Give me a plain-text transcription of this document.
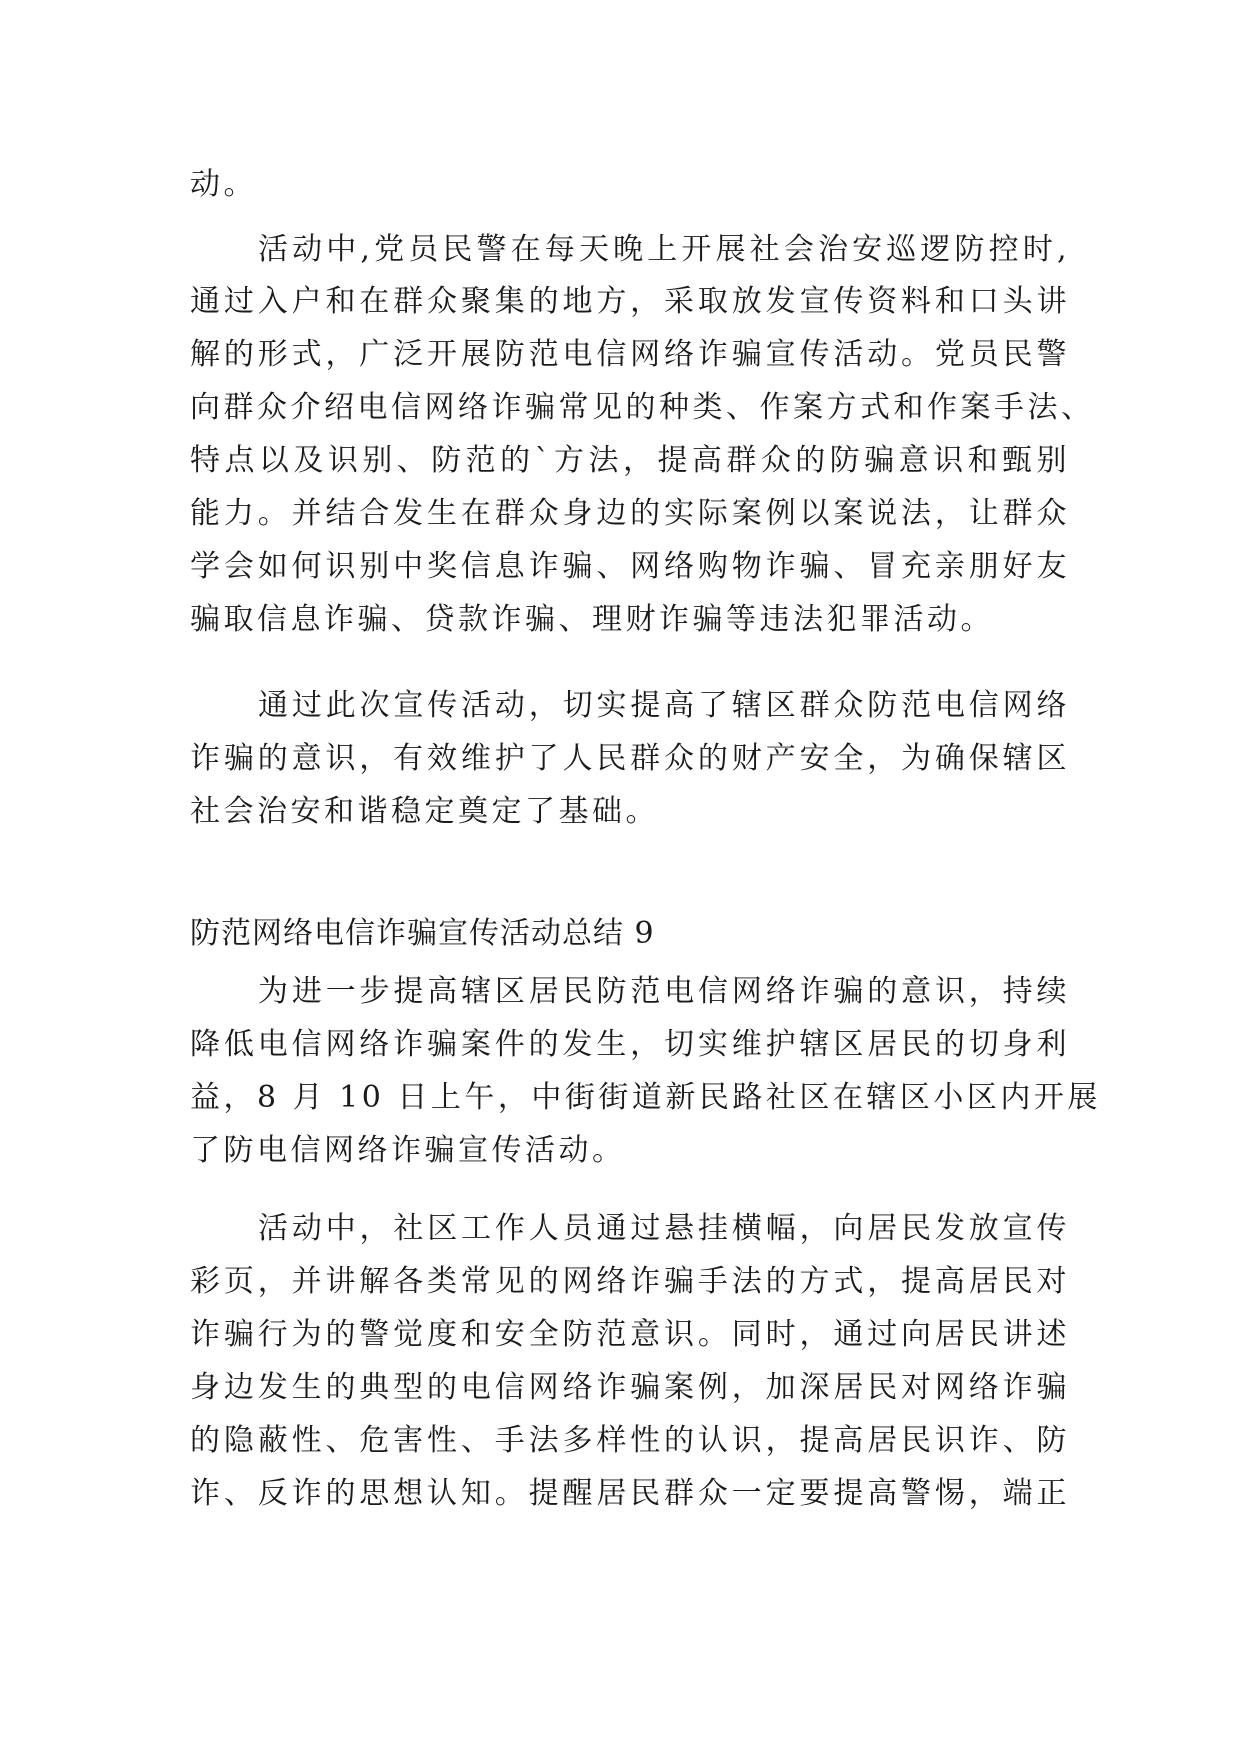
动。
活动中,党员民警在每天晚上开展社会治安巡逻防控时,
通过入户和在群众聚集的地方，采取放发宣传资料和口头讲
解的形式，广泛开展防范电信网络诈骗宣传活动。党员民警
向群众介绍电信网络诈骗常见的种类、作案方式和作案手法、
特点以及识别、防范的`方法，提高群众的防骗意识和甄别
能力。并结合发生在群众身边的实际案例以案说法，让群众
学会如何识别中奖信息诈骗、网络购物诈骗、冒充亲朋好友
骗取信息诈骗、贷款诈骗、理财诈骗等违法犯罪活动。
通过此次宣传活动，切实提高了辖区群众防范电信网络
诈骗的意识，有效维护了人民群众的财产安全，为确保辖区
社会治安和谐稳定奠定了基础。
防范网络电信诈骗宣传活动总结 9
为进一步提高辖区居民防范电信网络诈骗的意识，持续
降低电信网络诈骗案件的发生，切实维护辖区居民的切身利
益，8 月 10 日上午，中街街道新民路社区在辖区小区内开展
了防电信网络诈骗宣传活动。
活动中，社区工作人员通过悬挂横幅，向居民发放宣传
彩页，并讲解各类常见的网络诈骗手法的方式，提高居民对
诈骗行为的警觉度和安全防范意识。同时，通过向居民讲述
身边发生的典型的电信网络诈骗案例，加深居民对网络诈骗
的隐蔽性、危害性、手法多样性的认识，提高居民识诈、防
诈、反诈的思想认知。提醒居民群众一定要提高警惕，端正
